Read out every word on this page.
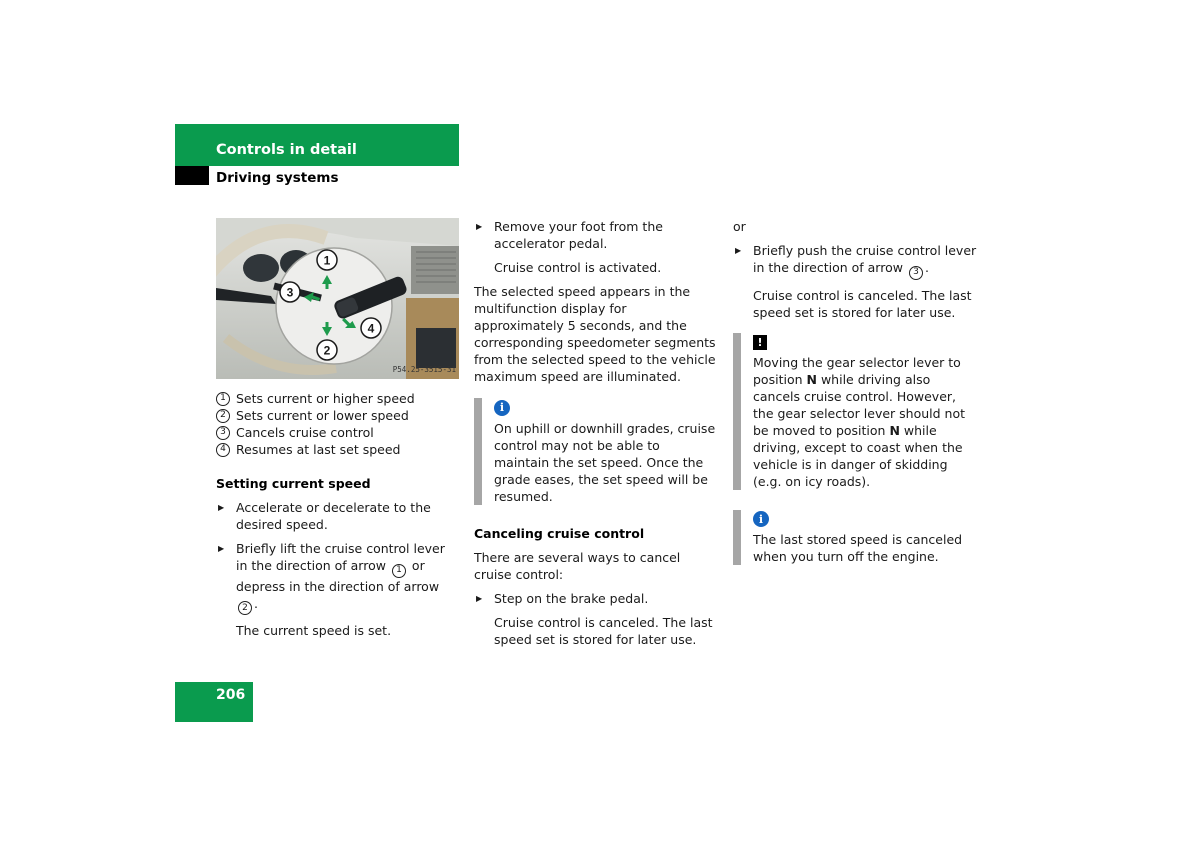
Controls in detail
Driving systems
1
2
3
4
P54.25-3515-31
1 Sets current or higher speed
2 Sets current or lower speed
3 Cancels cruise control
4 Resumes at last set speed
Setting current speed

▶ Accelerate or decelerate to the desired speed.

▶ Briefly lift the cruise control lever in the direction of arrow 1 or depress in the direction of arrow 2 .

The current speed is set.

▶ Remove your foot from the accelerator pedal.

Cruise control is activated.

The selected speed appears in the multifunction display for approximately 5 seconds, and the corresponding speedometer segments from the selected speed to the vehicle maximum speed are illuminated.

i

On uphill or downhill grades, cruise control may not be able to maintain the set speed. Once the grade eases, the set speed will be resumed.

Canceling cruise control

There are several ways to cancel cruise control:

▶ Step on the brake pedal.

Cruise control is canceled. The last speed set is stored for later use.

or

▶ Briefly push the cruise control lever in the direction of arrow 3 .

Cruise control is canceled. The last speed set is stored for later use.

!

Moving the gear selector lever to position N while driving also cancels cruise control. However, the gear selector lever should not be moved to position N while driving, except to coast when the vehicle is in danger of skidding (e.g. on icy roads).

i

The last stored speed is canceled when you turn off the engine.

206
